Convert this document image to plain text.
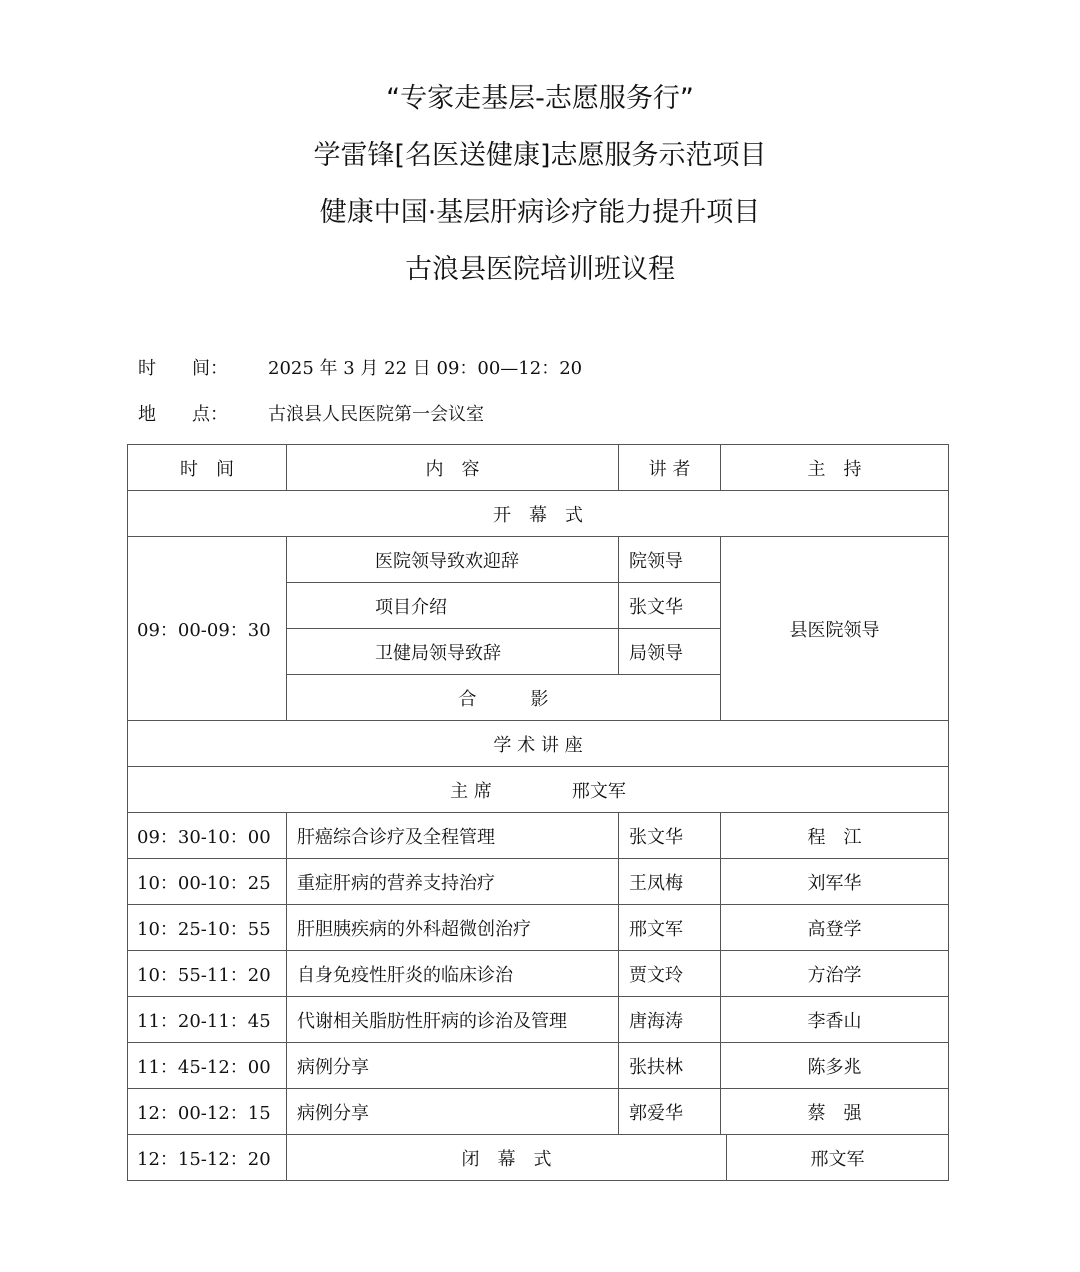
“专家走基层-志愿服务行”
学雷锋[名医送健康]志愿服务示范项目
健康中国·基层肝病诊疗能力提升项目
古浪县医院培训班议程
时　　间： 2025 年 3 月 22 日 09：00—12：20
地　　点： 古浪县人民医院第一会议室
时　间	内　容	讲 者	主　持	
开　幕　式				
09：00-09：30	医院领导致欢迎辞	院领导	县医院领导	
	项目介绍	张文华		
	卫健局领导致辞	局领导		
	合　　　影			
学 术 讲 座				
主 席 邢文军				
09：30-10：00	肝癌综合诊疗及全程管理	张文华	程　江	
10：00-10：25	重症肝病的营养支持治疗	王凤梅	刘军华	
10：25-10：55	肝胆胰疾病的外科超微创治疗	邢文军	高登学	
10：55-11：20	自身免疫性肝炎的临床诊治	贾文玲	方治学	
11：20-11：45	代谢相关脂肪性肝病的诊治及管理	唐海涛	李香山	
11：45-12：00	病例分享	张扶林	陈多兆	
12：00-12：15	病例分享	郭爱华	蔡　强	
12：15-12：20	闭　幕　式			邢文军
